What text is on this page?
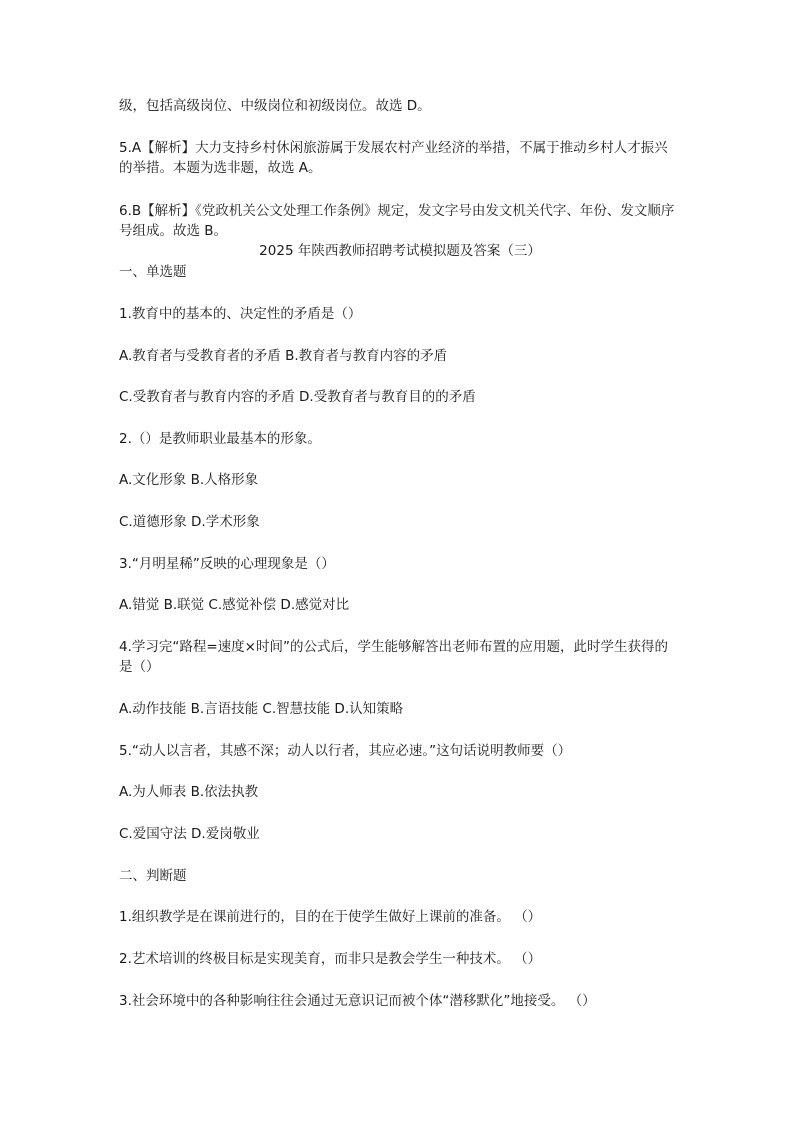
级，包括高级岗位、中级岗位和初级岗位。故选 D。

5.A【解析】大力支持乡村休闲旅游属于发展农村产业经济的举措，不属于推动乡村人才振兴的举措。本题为选非题，故选 A。

6.B【解析】《党政机关公文处理工作条例》规定，发文字号由发文机关代字、年份、发文顺序号组成。故选 B。

2025 年陕西教师招聘考试模拟题及答案（三）

一、单选题

1.教育中的基本的、决定性的矛盾是（）

A.教育者与受教育者的矛盾 B.教育者与教育内容的矛盾

C.受教育者与教育内容的矛盾 D.受教育者与教育目的的矛盾

2.（）是教师职业最基本的形象。

A.文化形象 B.人格形象

C.道德形象 D.学术形象

3.“月明星稀”反映的心理现象是（）

A.错觉 B.联觉 C.感觉补偿 D.感觉对比

4.学习完“路程=速度×时间”的公式后，学生能够解答出老师布置的应用题，此时学生获得的是（）

A.动作技能 B.言语技能 C.智慧技能 D.认知策略

5.“动人以言者，其感不深；动人以行者，其应必速。”这句话说明教师要（）

A.为人师表 B.依法执教

C.爱国守法 D.爱岗敬业

二、判断题

1.组织教学是在课前进行的，目的在于使学生做好上课前的准备。 （）

2.艺术培训的终极目标是实现美育，而非只是教会学生一种技术。 （）

3.社会环境中的各种影响往往会通过无意识记而被个体“潜移默化”地接受。 （）
